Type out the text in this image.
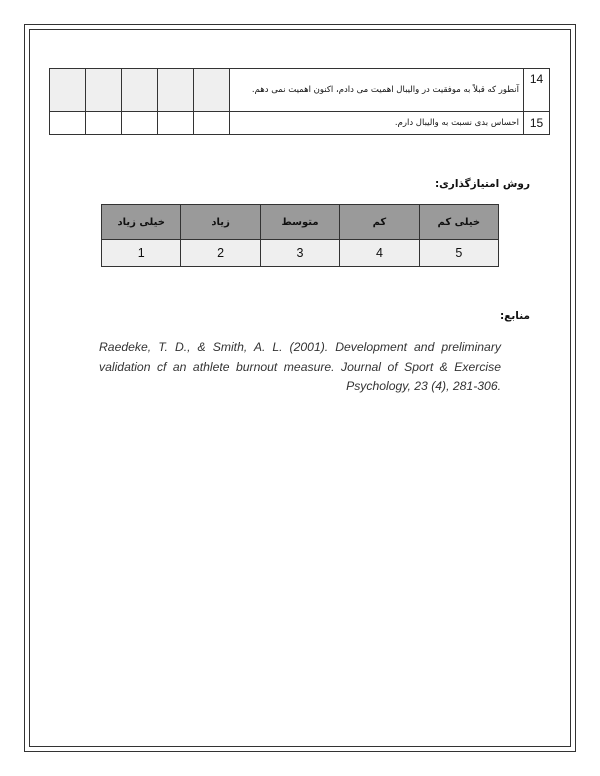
					آنطور که قبلاً به موفقیت در والیبال اهمیت می دادم، اکنون اهمیت نمی دهم.	14
					احساس بدی نسبت به والیبال دارم.	15
روش امتیازگذاری:
خیلی کم	کم	متوسط	زیاد	خیلی زیاد
5	4	3	2	1
منابع:
Raedeke, T. D., & Smith, A. L. (2001). Development and preliminary validation cf an athlete burnout measure. Journal of Sport & Exercise Psychology, 23 (4), 281-306.
